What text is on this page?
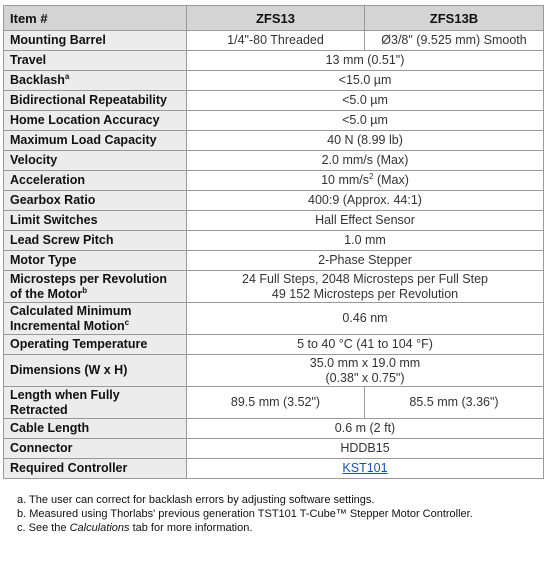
Item #	ZFS13	ZFS13B
Mounting Barrel	1/4"-80 Threaded	Ø3/8" (9.525 mm) Smooth
Travel	13 mm (0.51")	
Backlash$^a$	<15.0 µm	
Bidirectional Repeatability	<5.0 µm	
Home Location Accuracy	<5.0 µm	
Maximum Load Capacity	40 N (8.99 lb)	
Velocity	2.0 mm/s (Max)	
Acceleration	10 $mm/s^2$ (Max)	
Gearbox Ratio	400:9 (Approx. 44:1)	
Limit Switches	Hall Effect Sensor	
Lead Screw Pitch	1.0 mm	
Motor Type	2-Phase Stepper	
Microsteps per Revolution
of the Motor$^b$	24 Full Steps, 2048 Microsteps per Full Step
49 152 Microsteps per Revolution	
Calculated Minimum
Incremental Motion$^c$	0.46 nm	
Operating Temperature	5 to 40 °C (41 to 104 °F)	
Dimensions (W x H)	35.0 mm x 19.0 mm
(0.38" x 0.75")	
Length when Fully
Retracted	89.5 mm (3.52")	85.5 mm (3.36")
Cable Length	0.6 m (2 ft)	
Connector	HDDB15	
Required Controller	KST101	
a. The user can correct for backlash errors by adjusting software settings.
b. Measured using Thorlabs' previous generation TST101 T-Cube™ Stepper Motor Controller.
c. See the Calculations tab for more information.
